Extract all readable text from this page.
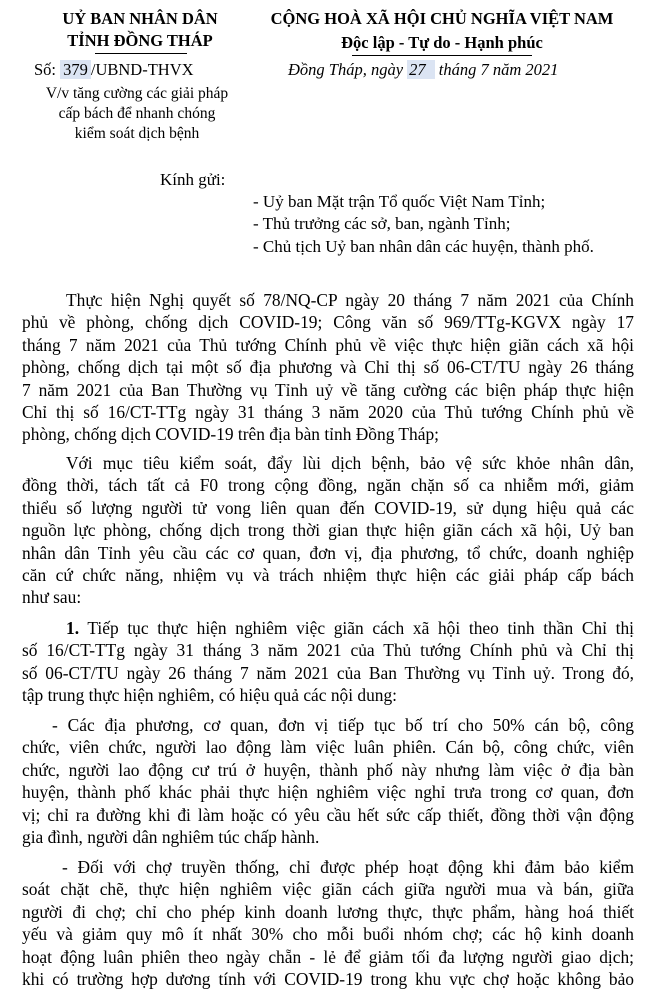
UỶ BAN NHÂN DÂN
TỈNH ĐỒNG THÁP
Số: 379 /UBND-THVX
V/v tăng cường các giải pháp
cấp bách để nhanh chóng
kiểm soát dịch bệnh
CỘNG HOÀ XÃ HỘI CHỦ NGHĨA VIỆT NAM
Độc lập - Tự do - Hạnh phúc
Đồng Tháp, ngày 27 tháng 7 năm 2021
Kính gửi:
- Uỷ ban Mặt trận Tổ quốc Việt Nam Tỉnh;
- Thủ trưởng các sở, ban, ngành Tỉnh;
- Chủ tịch Uỷ ban nhân dân các huyện, thành phố.
Thực hiện Nghị quyết số 78/NQ-CP ngày 20 tháng 7 năm 2021 của Chính
phủ về phòng, chống dịch COVID-19; Công văn số 969/TTg-KGVX ngày 17
tháng 7 năm 2021 của Thủ tướng Chính phủ về việc thực hiện giãn cách xã hội
phòng, chống dịch tại một số địa phương và Chỉ thị số 06-CT/TU ngày 26 tháng
7 năm 2021 của Ban Thường vụ Tỉnh uỷ về tăng cường các biện pháp thực hiện
Chỉ thị số 16/CT-TTg ngày 31 tháng 3 năm 2020 của Thủ tướng Chính phủ về
phòng, chống dịch COVID-19 trên địa bàn tỉnh Đồng Tháp;
Với mục tiêu kiểm soát, đẩy lùi dịch bệnh, bảo vệ sức khỏe nhân dân,
đồng thời, tách tất cả F0 trong cộng đồng, ngăn chặn số ca nhiễm mới, giảm
thiểu số lượng người tử vong liên quan đến COVID-19, sử dụng hiệu quả các
nguồn lực phòng, chống dịch trong thời gian thực hiện giãn cách xã hội, Uỷ ban
nhân dân Tỉnh yêu cầu các cơ quan, đơn vị, địa phương, tổ chức, doanh nghiệp
căn cứ chức năng, nhiệm vụ và trách nhiệm thực hiện các giải pháp cấp bách
như sau:
1. Tiếp tục thực hiện nghiêm việc giãn cách xã hội theo tinh thần Chỉ thị
số 16/CT-TTg ngày 31 tháng 3 năm 2021 của Thủ tướng Chính phủ và Chỉ thị
số 06-CT/TU ngày 26 tháng 7 năm 2021 của Ban Thường vụ Tỉnh uỷ. Trong đó,
tập trung thực hiện nghiêm, có hiệu quả các nội dung:
- Các địa phương, cơ quan, đơn vị tiếp tục bố trí cho 50% cán bộ, công
chức, viên chức, người lao động làm việc luân phiên. Cán bộ, công chức, viên
chức, người lao động cư trú ở huyện, thành phố này nhưng làm việc ở địa bàn
huyện, thành phố khác phải thực hiện nghiêm việc nghỉ trưa trong cơ quan, đơn
vị; chỉ ra đường khi đi làm hoặc có yêu cầu hết sức cấp thiết, đồng thời vận động
gia đình, người dân nghiêm túc chấp hành.
- Đối với chợ truyền thống, chỉ được phép hoạt động khi đảm bảo kiểm
soát chặt chẽ, thực hiện nghiêm việc giãn cách giữa người mua và bán, giữa
người đi chợ; chỉ cho phép kinh doanh lương thực, thực phẩm, hàng hoá thiết
yếu và giảm quy mô ít nhất 30% cho mỗi buổi nhóm chợ; các hộ kinh doanh
hoạt động luân phiên theo ngày chẵn - lẻ để giảm tối đa lượng người giao dịch;
khi có trường hợp dương tính với COVID-19 trong khu vực chợ hoặc không bảo
